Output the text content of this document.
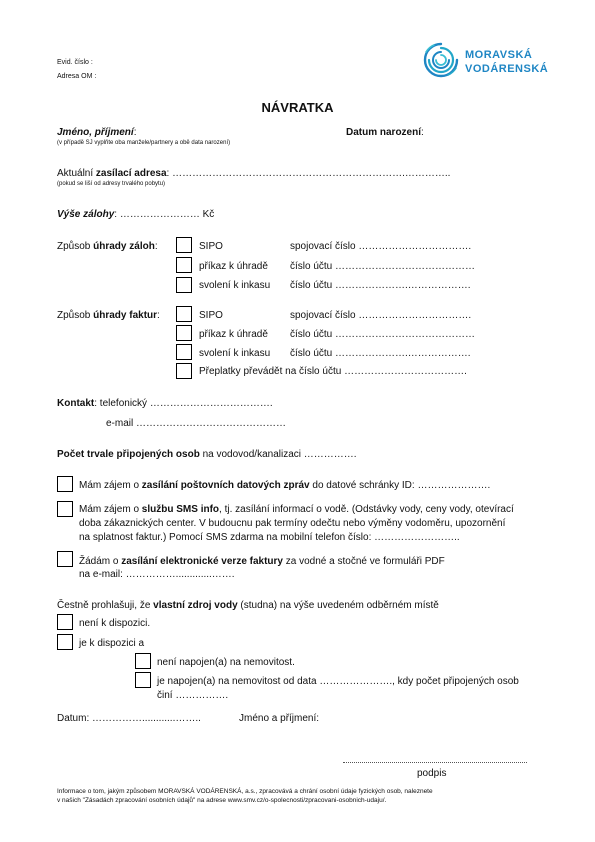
Evid. číslo :
Adresa OM :
MORAVSKÁ
VODÁRENSKÁ
NÁVRATKA
Jméno, příjmení:
(v případě SJ vyplňte oba manžele/partnery a obě data narození)
Datum narození:
Aktuální zasílací adresa: …………………………………………………………….…………..
(pokud se liší od adresy trvalého pobytu)
Výše zálohy: …………………… Kč
Způsob úhrady záloh:	SIPO	spojovací číslo …………………………….
příkaz k úhradě číslo účtu ……………………………………
svolení k inkasu číslo účtu ………………….……………….
Způsob úhrady faktur:	SIPO	spojovací číslo …………………………….
příkaz k úhradě číslo účtu ……………………………………
svolení k inkasu číslo účtu ………………….……………….
Přeplatky převádět na číslo účtu ……………………………….
Kontakt: telefonický ……………………………….
e-mail ………………………………………
Počet trvale připojených osob na vodovod/kanalizaci …………….
Mám zájem o zasílání poštovních datových zpráv do datové schránky ID: ………………….
Mám zájem o službu SMS info, tj. zasílání informací o vodě. (Odstávky vody, ceny vody, otevírací
doba zákaznických center. V budoucnu pak termíny odečtu nebo výměny vodoměru, upozornění
na splatnost faktur.) Pomocí SMS zdarma na mobilní telefon číslo: ……………………..
Žádám o zasílání elektronické verze faktury za vodné a stočné ve formuláři PDF
na e-mail: …………….............…….
Čestně prohlašuji, že vlastní zdroj vody (studna) na výše uvedeném odběrném místě
není k dispozici.
je k dispozici a
není napojen(a) na nemovitost.
je napojen(a) na nemovitost od data …………………., kdy počet připojených osob
činí …………….
Datum: ……………............……..	Jméno a příjmení:
podpis
Informace o tom, jakým způsobem MORAVSKÁ VODÁRENSKÁ, a.s., zpracovává a chrání osobní údaje fyzických osob, naleznete
v našich "Zásadách zpracování osobních údajů" na adrese www.smv.cz/o-spolecnosti/zpracovani-osobnich-udaju/.
